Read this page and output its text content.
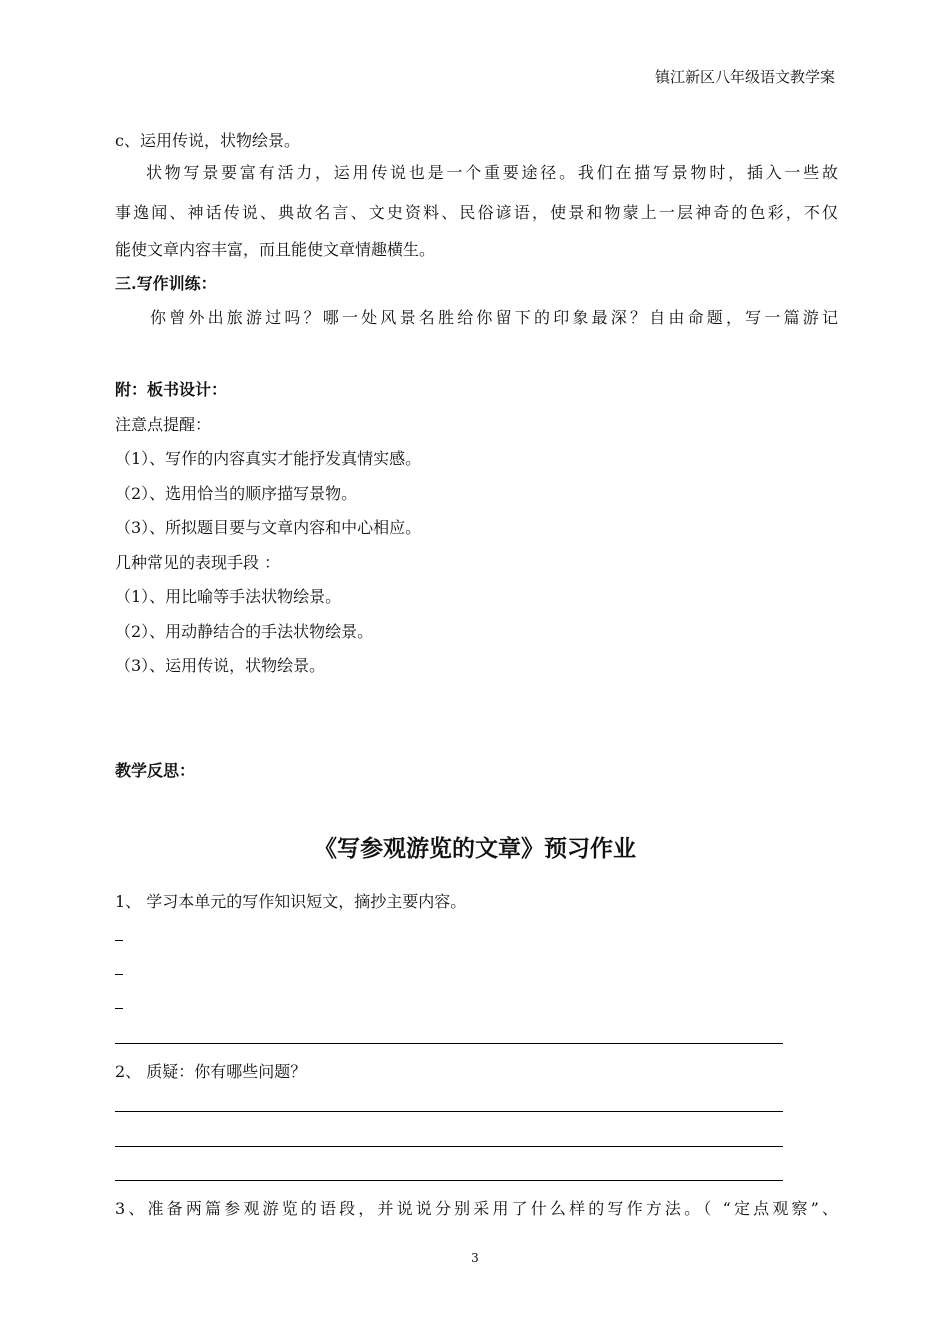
镇江新区八年级语文教学案
c、运用传说，状物绘景。
状物写景要富有活力，运用传说也是一个重要途径。我们在描写景物时，插入一些故
事逸闻、神话传说、典故名言、文史资料、民俗谚语，使景和物蒙上一层神奇的色彩，不仅
能使文章内容丰富，而且能使文章情趣横生。
三.写作训练：
你曾外出旅游过吗？哪一处风景名胜给你留下的印象最深？自由命题，写一篇游记
附：板书设计：
注意点提醒：
（1）、写作的内容真实才能抒发真情实感。
（2）、选用恰当的顺序描写景物。
（3）、所拟题目要与文章内容和中心相应。
几种常见的表现手段 ：
（1）、用比喻等手法状物绘景。
（2）、用动静结合的手法状物绘景。
（3）、运用传说，状物绘景。
教学反思：
《写参观游览的文章》预习作业
1、 学习本单元的写作知识短文，摘抄主要内容。
2、 质疑：你有哪些问题？
3、准备两篇参观游览的语段，并说说分别采用了什么样的写作方法。（ “定点观察”、
3
